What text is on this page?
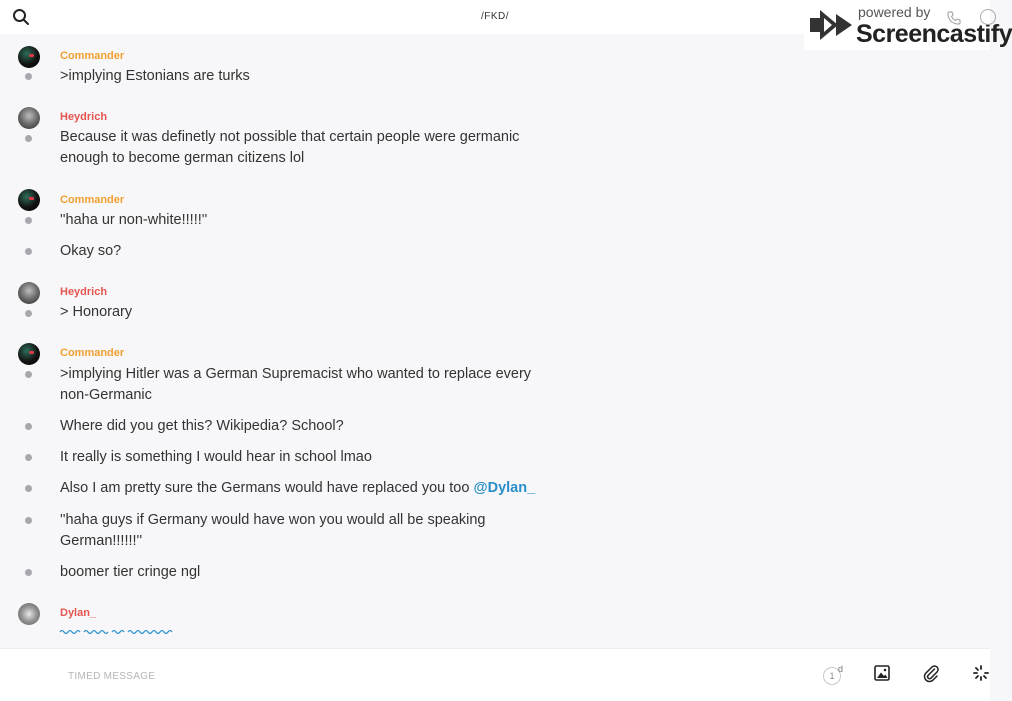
/FKD/	powered by
Screencastify
Commander
>implying Estonians are turks
Heydrich
Because it was definetly not possible that certain people were germanic enough to become german citizens lol
Commander
''haha ur non-white!!!!!''
Okay so?
Heydrich
> Honorary
Commander
>implying Hitler was a German Supremacist who wanted to replace every non-Germanic
Where did you get this? Wikipedia? School?
It really is something I would hear in school lmao
Also I am pretty sure the Germans would have replaced you too @Dylan_
''haha guys if Germany would have won you would all be speaking German!!!!!!''
boomer tier cringe ngl
Dylan_
TIMED MESSAGE
1
d
